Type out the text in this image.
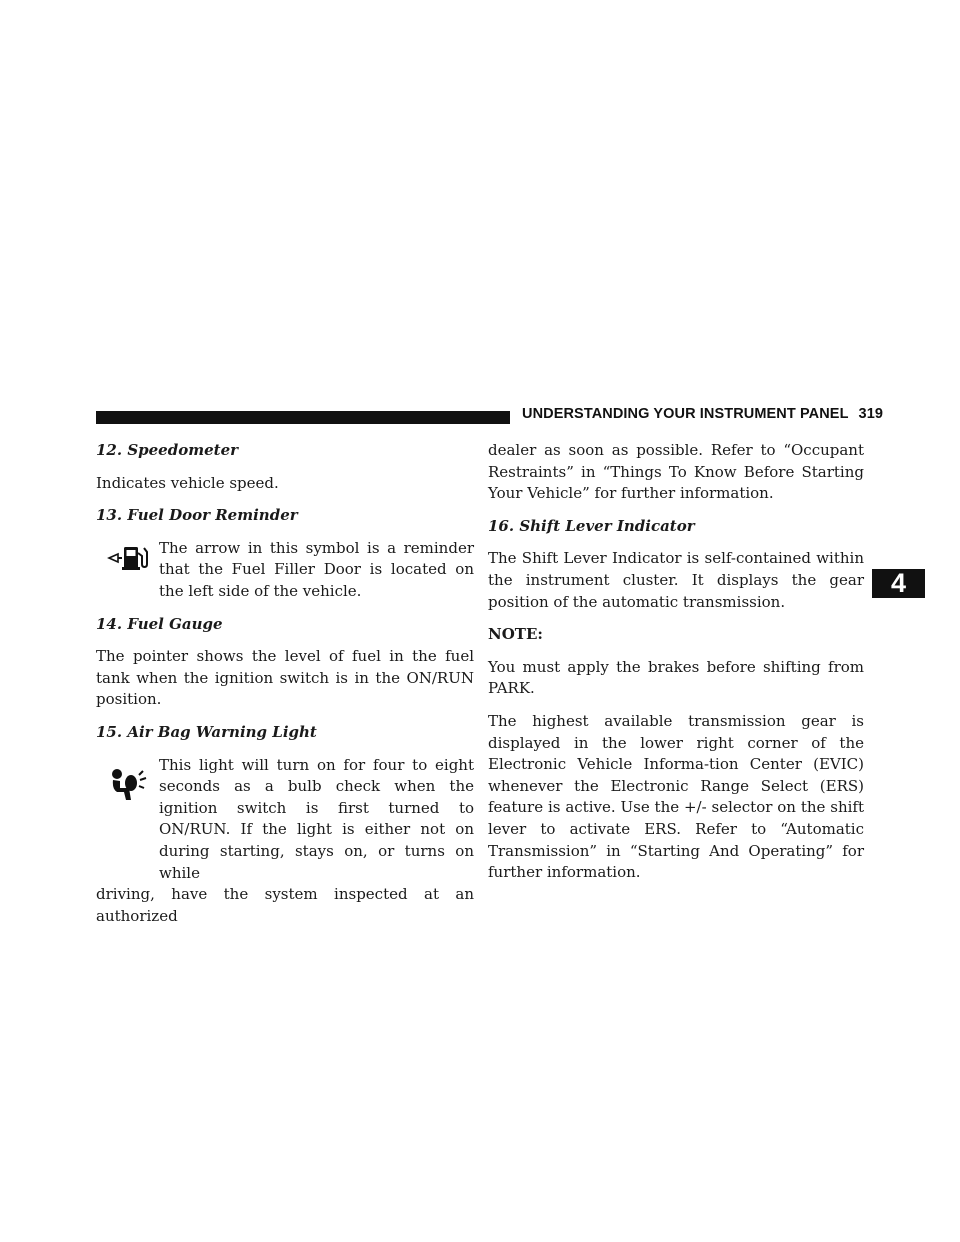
UNDERSTANDING YOUR INSTRUMENT PANEL 319
4
12. Speedometer

Indicates vehicle speed.

13. Fuel Door Reminder
The arrow in this symbol is a reminder that the Fuel Filler Door is located on the left side of the vehicle.
14. Fuel Gauge

The pointer shows the level of fuel in the fuel tank when the ignition switch is in the ON/RUN position.

15. Air Bag Warning Light
This light will turn on for four to eight seconds as a bulb check when the ignition switch is first turned to ON/RUN. If the light is either not on during starting, stays on, or turns on while

driving, have the system inspected at an authorized

dealer as soon as possible. Refer to “Occupant Restraints” in “Things To Know Before Starting Your Vehicle” for further information.

16. Shift Lever Indicator

The Shift Lever Indicator is self-contained within the instrument cluster. It displays the gear position of the automatic transmission.

NOTE:

You must apply the brakes before shifting from PARK.

The highest available transmission gear is displayed in the lower right corner of the Electronic Vehicle Informa-tion Center (EVIC) whenever the Electronic Range Select (ERS) feature is active. Use the +/- selector on the shift lever to activate ERS. Refer to “Automatic Transmission” in “Starting And Operating” for further information.
